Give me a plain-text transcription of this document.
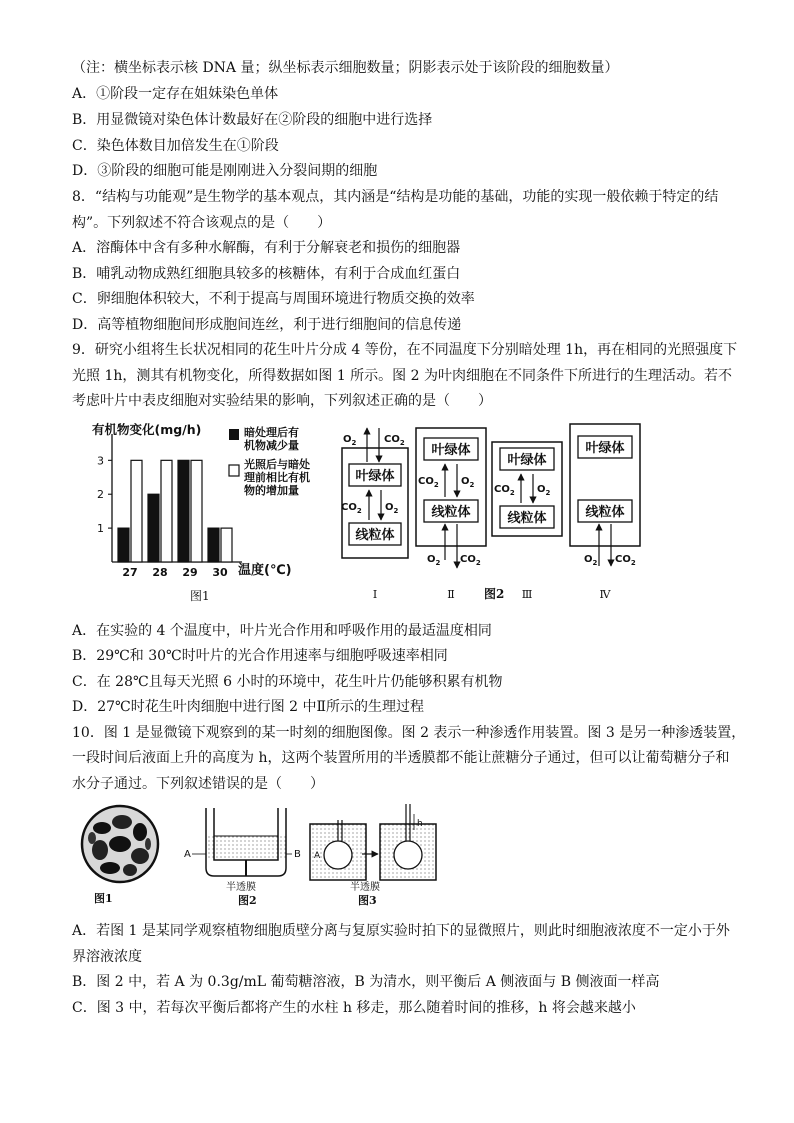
（注：横坐标表示核 DNA 量；纵坐标表示细胞数量；阴影表示处于该阶段的细胞数量）
A．①阶段一定存在姐妹染色单体
B．用显微镜对染色体计数最好在②阶段的细胞中进行选择
C．染色体数目加倍发生在①阶段
D．③阶段的细胞可能是刚刚进入分裂间期的细胞
8．“结构与功能观”是生物学的基本观点，其内涵是“结构是功能的基础，功能的实现一般依赖于特定的结
构”。下列叙述不符合该观点的是（　　）
A．溶酶体中含有多种水解酶，有利于分解衰老和损伤的细胞器
B．哺乳动物成熟红细胞具较多的核糖体，有利于合成血红蛋白
C．卵细胞体积较大，不利于提高与周围环境进行物质交换的效率
D．高等植物细胞间形成胞间连丝，利于进行细胞间的信息传递
9．研究小组将生长状况相同的花生叶片分成 4 等份，在不同温度下分别暗处理 1h，再在相同的光照强度下
光照 1h，测其有机物变化，所得数据如图 1 所示。图 2 为叶肉细胞在不同条件下所进行的生理活动。若不
考虑叶片中表皮细胞对实验结果的影响，下列叙述正确的是（　　）
1
2
3
27 28 29 30
有机物变化(mg/h)
温度(℃)
图1
暗处理后有
机物减少量
光照后与暗处
理前相比有机
物的增加量
叶绿体
线粒体
$O_2$	$CO_2$
$CO_2$ $O_2$
Ⅰ
叶绿体
线粒体
$CO_2$ $O_2$
$O_2$ $CO_2$
Ⅱ
叶绿体
线粒体
$CO_2$ $O_2$
Ⅲ
叶绿体
线粒体
$O_2$ $CO_2$
Ⅳ
图2
A．在实验的 4 个温度中，叶片光合作用和呼吸作用的最适温度相同
B．29℃和 30℃时叶片的光合作用速率与细胞呼吸速率相同
C．在 28℃且每天光照 6 小时的环境中，花生叶片仍能够积累有机物
D．27℃时花生叶肉细胞中进行图 2 中Ⅱ所示的生理过程
10．图 1 是显微镜下观察到的某一时刻的细胞图像。图 2 表示一种渗透作用装置。图 3 是另一种渗透装置，
一段时间后液面上升的高度为 h，这两个装置所用的半透膜都不能让蔗糖分子通过，但可以让葡萄糖分子和
水分子通过。下列叙述错误的是（　　）
图1
A	B
半透膜
图2
A
h
半透膜
图3
A．若图 1 是某同学观察植物细胞质壁分离与复原实验时拍下的显微照片，则此时细胞液浓度不一定小于外
界溶液浓度
B．图 2 中，若 A 为 0.3g/mL 葡萄糖溶液，B 为清水，则平衡后 A 侧液面与 B 侧液面一样高
C．图 3 中，若每次平衡后都将产生的水柱 h 移走，那么随着时间的推移，h 将会越来越小
